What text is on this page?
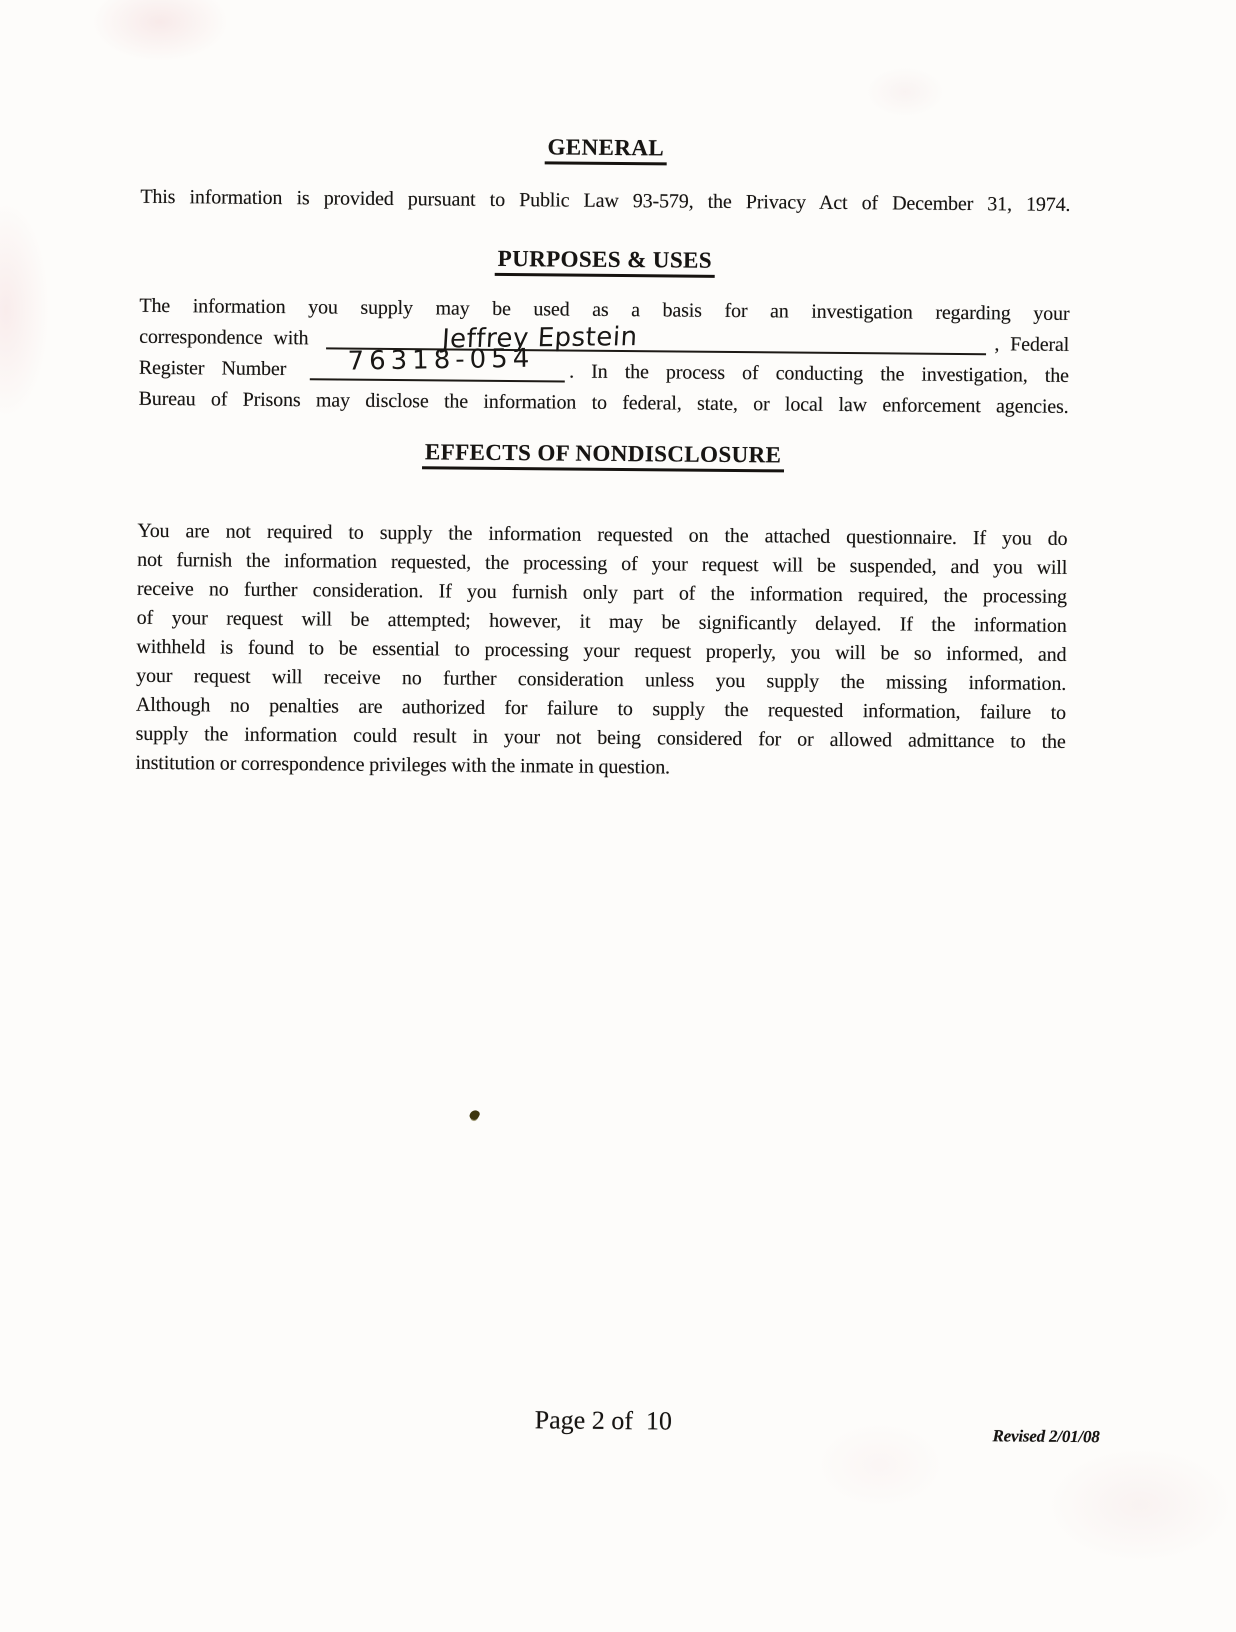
GENERAL
This information is provided pursuant to Public Law 93-579, the Privacy Act of December 31, 1974.
PURPOSES & USES
The information you supply may be used as a basis for an investigation regarding your
correspondence with	Jeffrey Epstein	, Federal
Register Number 76318-054 . In the process of conducting the investigation, the
Bureau of Prisons may disclose the information to federal, state, or local law enforcement agencies.
EFFECTS OF NONDISCLOSURE
You are not required to supply the information requested on the attached questionnaire. If you do
not furnish the information requested, the processing of your request will be suspended, and you will
receive no further consideration. If you furnish only part of the information required, the processing
of your request will be attempted; however, it may be significantly delayed. If the information
withheld is found to be essential to processing your request properly, you will be so informed, and
your request will receive no further consideration unless you supply the missing information.
Although no penalties are authorized for failure to supply the requested information, failure to
supply the information could result in your not being considered for or allowed admittance to the
institution or correspondence privileges with the inmate in question.
Page 2 of  10
Revised 2/01/08
